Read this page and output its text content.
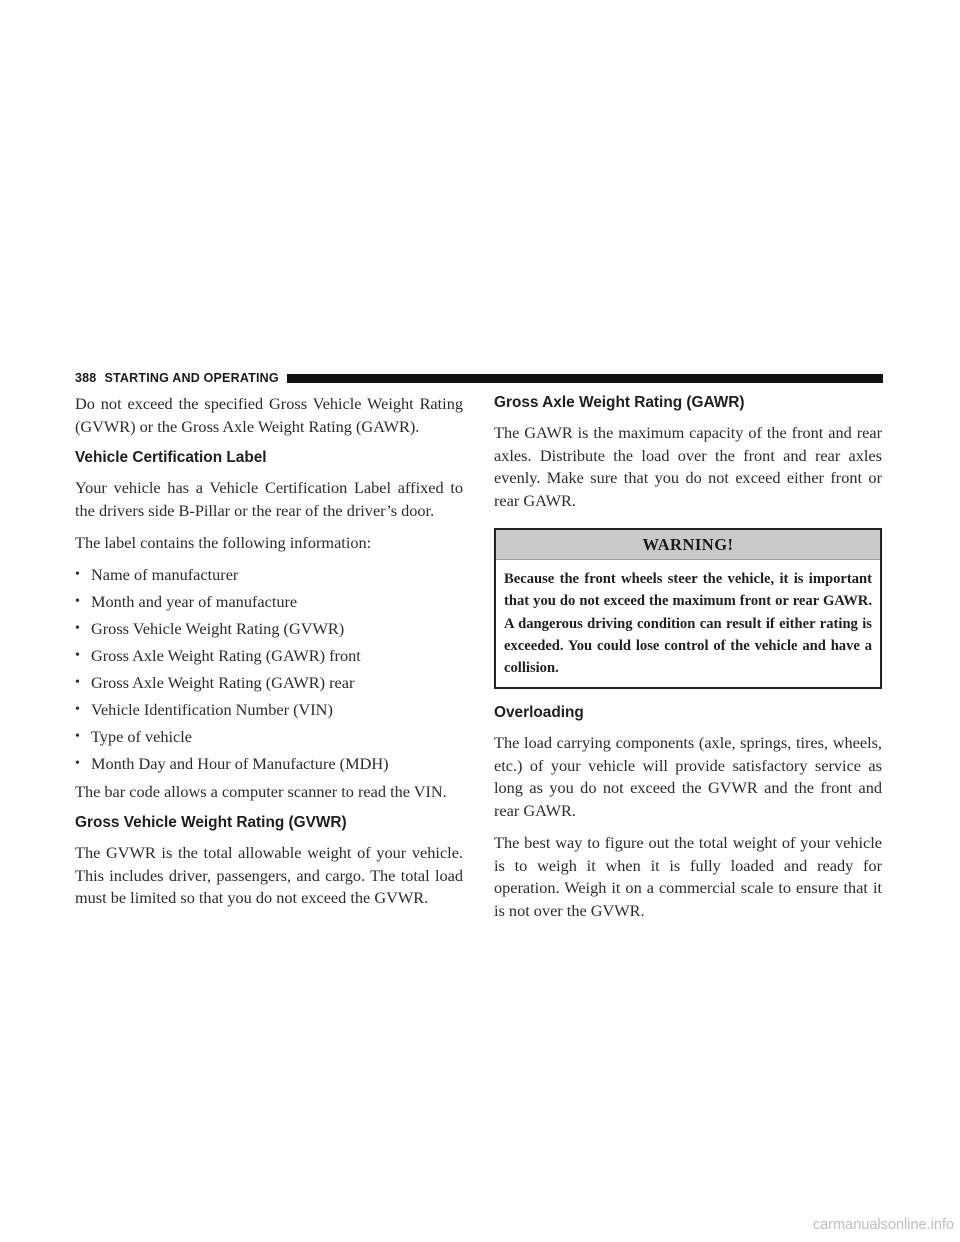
388 STARTING AND OPERATING

Do not exceed the specified Gross Vehicle Weight Rating (GVWR) or the Gross Axle Weight Rating (GAWR).

Vehicle Certification Label

Your vehicle has a Vehicle Certification Label affixed to the drivers side B-Pillar or the rear of the driver’s door.

The label contains the following information:

• Name of manufacturer
• Month and year of manufacture
• Gross Vehicle Weight Rating (GVWR)
• Gross Axle Weight Rating (GAWR) front
• Gross Axle Weight Rating (GAWR) rear
• Vehicle Identification Number (VIN)
• Type of vehicle
• Month Day and Hour of Manufacture (MDH)

The bar code allows a computer scanner to read the VIN.

Gross Vehicle Weight Rating (GVWR)

The GVWR is the total allowable weight of your vehicle. This includes driver, passengers, and cargo. The total load must be limited so that you do not exceed the GVWR.

Gross Axle Weight Rating (GAWR)

The GAWR is the maximum capacity of the front and rear axles. Distribute the load over the front and rear axles evenly. Make sure that you do not exceed either front or rear GAWR.

WARNING!
Because the front wheels steer the vehicle, it is important that you do not exceed the maximum front or rear GAWR. A dangerous driving condition can result if either rating is exceeded. You could lose control of the vehicle and have a collision.
Overloading

The load carrying components (axle, springs, tires, wheels, etc.) of your vehicle will provide satisfactory service as long as you do not exceed the GVWR and the front and rear GAWR.

The best way to figure out the total weight of your vehicle is to weigh it when it is fully loaded and ready for operation. Weigh it on a commercial scale to ensure that it is not over the GVWR.

carmanualsonline.info
